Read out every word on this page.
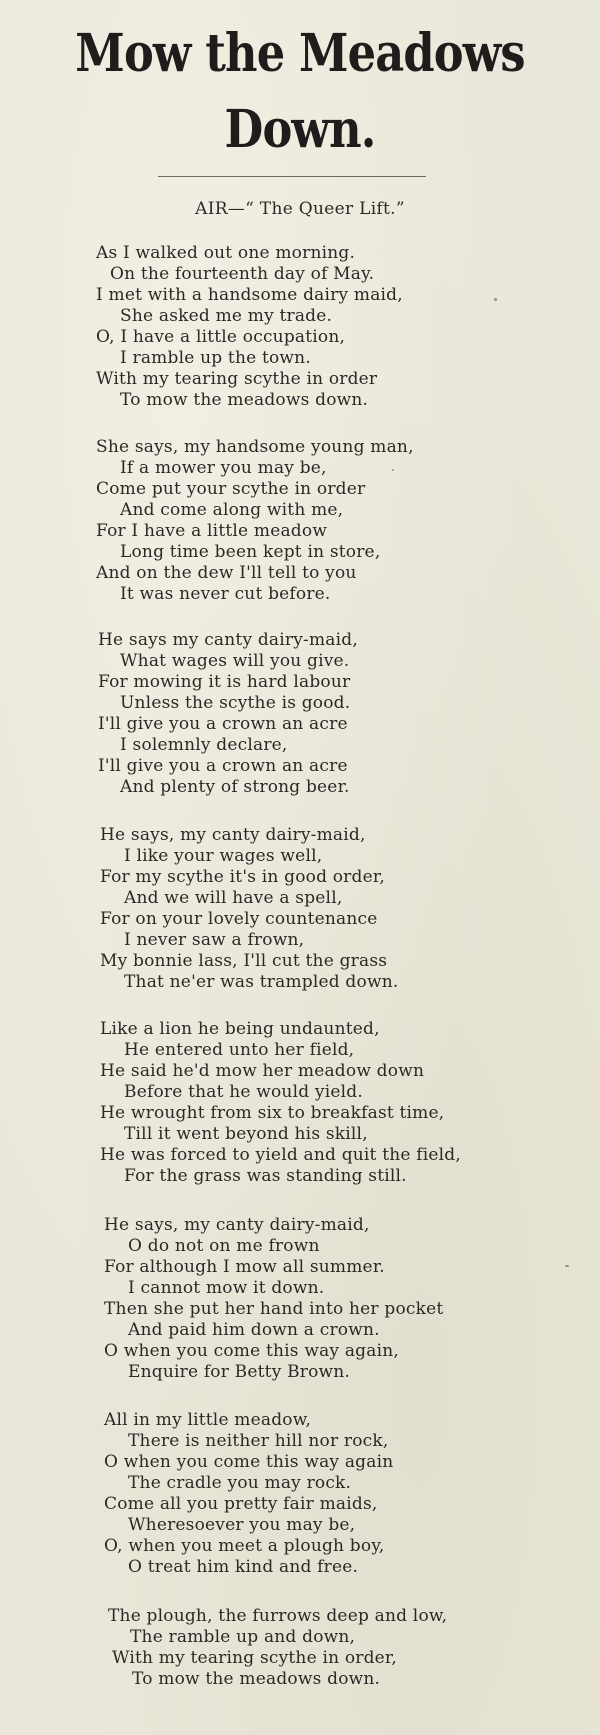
Mow the Meadows
Down.
AIR—“ The Queer Lift.”
As I walked out one morning.
On the fourteenth day of May.
I met with a handsome dairy maid,
She asked me my trade.
O, I have a little occupation,
I ramble up the town.
With my tearing scythe in order
To mow the meadows down.
She says, my handsome young man,
If a mower you may be,
Come put your scythe in order
And come along with me,
For I have a little meadow
Long time been kept in store,
And on the dew I'll tell to you
It was never cut before.
He says my canty dairy-maid,
What wages will you give.
For mowing it is hard labour
Unless the scythe is good.
I'll give you a crown an acre
I solemnly declare,
I'll give you a crown an acre
And plenty of strong beer.
He says, my canty dairy-maid,
I like your wages well,
For my scythe it's in good order,
And we will have a spell,
For on your lovely countenance
I never saw a frown,
My bonnie lass, I'll cut the grass
That ne'er was trampled down.
Like a lion he being undaunted,
He entered unto her field,
He said he'd mow her meadow down
Before that he would yield.
He wrought from six to breakfast time,
Till it went beyond his skill,
He was forced to yield and quit the field,
For the grass was standing still.
He says, my canty dairy-maid,
O do not on me frown
For although I mow all summer.
I cannot mow it down.
Then she put her hand into her pocket
And paid him down a crown.
O when you come this way again,
Enquire for Betty Brown.
All in my little meadow,
There is neither hill nor rock,
O when you come this way again
The cradle you may rock.
Come all you pretty fair maids,
Wheresoever you may be,
O, when you meet a plough boy,
O treat him kind and free.
The plough, the furrows deep and low,
The ramble up and down,
With my tearing scythe in order,
To mow the meadows down.
